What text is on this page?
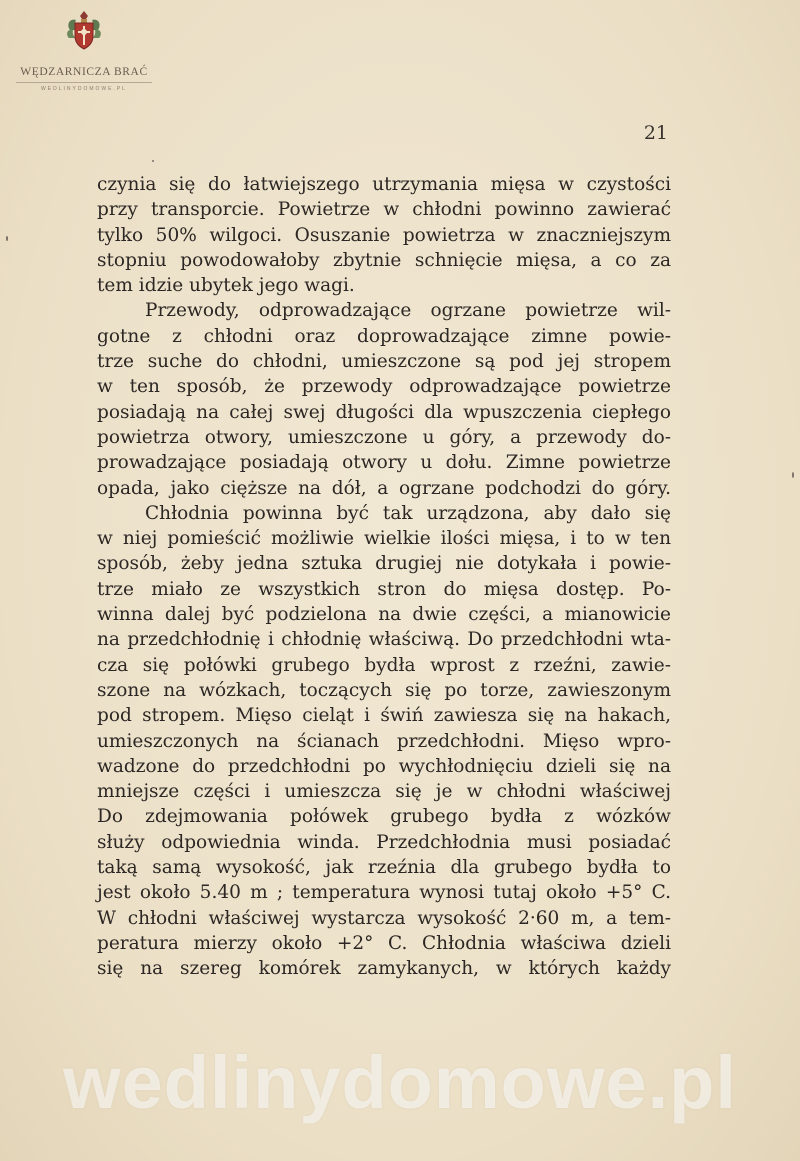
WĘDZARNICZA BRAĆ
WEDLINYDOMOWE.PL
21
czynia się do łatwiejszego utrzymania mięsa w czystości
przy transporcie. Powietrze w chłodni powinno zawierać
tylko 50% wilgoci. Osuszanie powietrza w znaczniejszym
stopniu powodowałoby zbytnie schnięcie mięsa, a co za
tem idzie ubytek jego wagi.
Przewody, odprowadzające ogrzane powietrze wil-
gotne z chłodni oraz doprowadzające zimne powie-
trze suche do chłodni, umieszczone są pod jej stropem
w ten sposób, że przewody odprowadzające powietrze
posiadają na całej swej długości dla wpuszczenia ciepłego
powietrza otwory, umieszczone u góry, a przewody do-
prowadzające posiadają otwory u dołu. Zimne powietrze
opada, jako cięższe na dół, a ogrzane podchodzi do góry.
Chłodnia powinna być tak urządzona, aby dało się
w niej pomieścić możliwie wielkie ilości mięsa, i to w ten
sposób, żeby jedna sztuka drugiej nie dotykała i powie-
trze miało ze wszystkich stron do mięsa dostęp. Po-
winna dalej być podzielona na dwie części, a mianowicie
na przedchłodnię i chłodnię właściwą. Do przedchłodni wta-
cza się połówki grubego bydła wprost z rzeźni, zawie-
szone na wózkach, toczących się po torze, zawieszonym
pod stropem. Mięso cieląt i świń zawiesza się na hakach,
umieszczonych na ścianach przedchłodni. Mięso wpro-
wadzone do przedchłodni po wychłodnięciu dzieli się na
mniejsze części i umieszcza się je w chłodni właściwej
Do zdejmowania połówek grubego bydła z wózków
służy odpowiednia winda. Przedchłodnia musi posiadać
taką samą wysokość, jak rzeźnia dla grubego bydła to
jest około 5.40 m ; temperatura wynosi tutaj około +5° C.
W chłodni właściwej wystarcza wysokość 2·60 m, a tem-
peratura mierzy około +2° C. Chłodnia właściwa dzieli
się na szereg komórek zamykanych, w których każdy
wedlinydomowe.pl
